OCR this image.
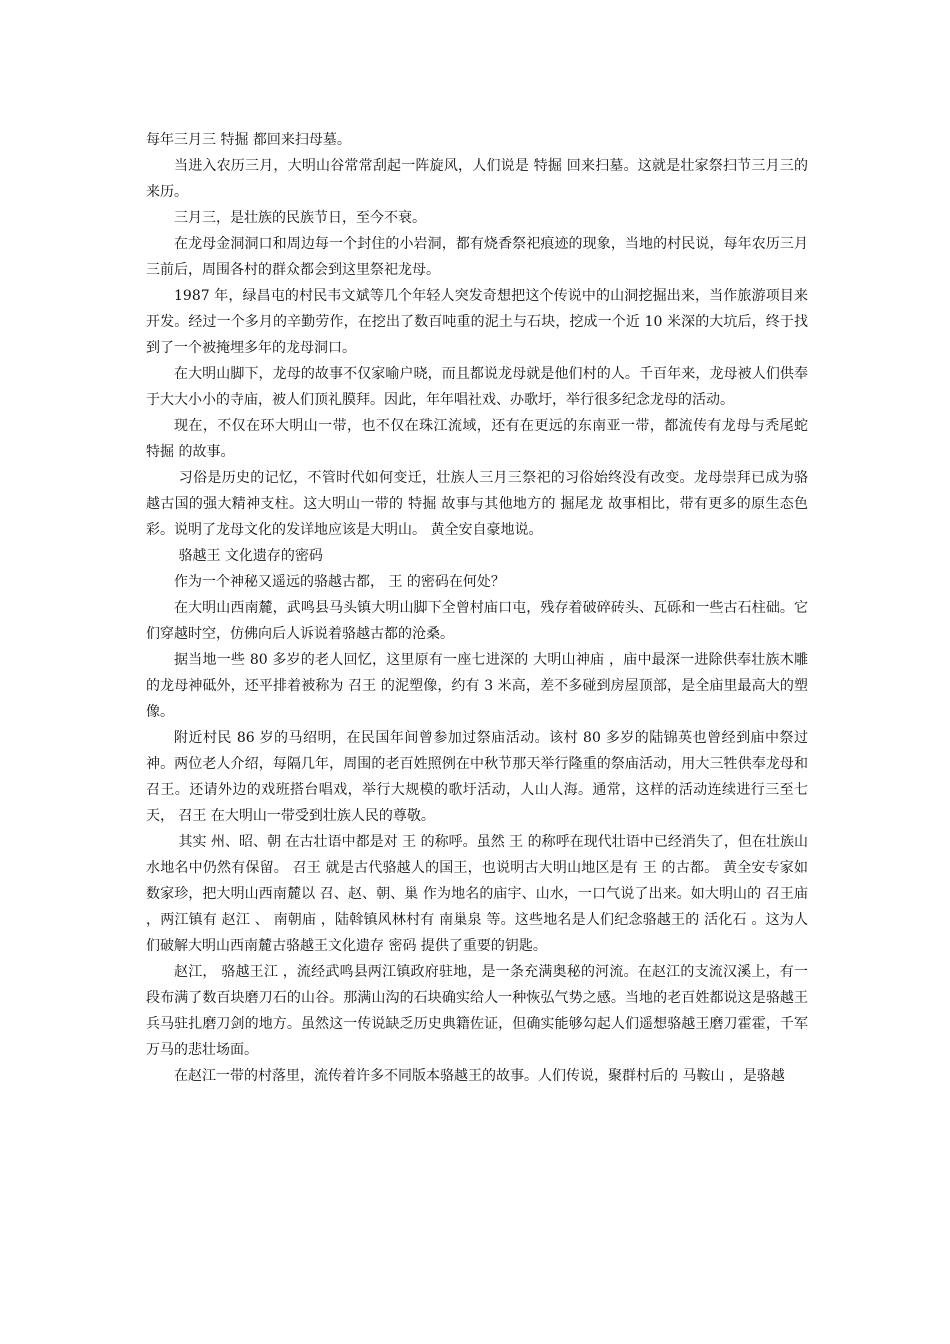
每年三月三 特掘 都回来扫母墓。

当进入农历三月，大明山谷常常刮起一阵旋风，人们说是 特掘 回来扫墓。这就是壮家祭扫节三月三的来历。

三月三，是壮族的民族节日，至今不衰。

在龙母金洞洞口和周边每一个封住的小岩洞，都有烧香祭祀痕迹的现象，当地的村民说，每年农历三月三前后，周围各村的群众都会到这里祭祀龙母。

1987 年，绿昌屯的村民韦文斌等几个年轻人突发奇想把这个传说中的山洞挖掘出来，当作旅游项目来开发。经过一个多月的辛勤劳作，在挖出了数百吨重的泥土与石块，挖成一个近 10 米深的大坑后，终于找到了一个被掩埋多年的龙母洞口。

在大明山脚下，龙母的故事不仅家喻户晓，而且都说龙母就是他们村的人。千百年来，龙母被人们供奉于大大小小的寺庙，被人们顶礼膜拜。因此，年年唱社戏、办歌圩，举行很多纪念龙母的活动。

现在，不仅在环大明山一带，也不仅在珠江流域，还有在更远的东南亚一带，都流传有龙母与秃尾蛇 特掘 的故事。

习俗是历史的记忆，不管时代如何变迁，壮族人三月三祭祀的习俗始终没有改变。龙母崇拜已成为骆越古国的强大精神支柱。这大明山一带的 特掘 故事与其他地方的 掘尾龙 故事相比，带有更多的原生态色彩。说明了龙母文化的发详地应该是大明山。 黄全安自豪地说。

骆越王 文化遗存的密码

作为一个神秘又遥远的骆越古都， 王 的密码在何处？

在大明山西南麓，武鸣县马头镇大明山脚下全曾村庙口屯，残存着破碎砖头、瓦砾和一些古石柱础。它们穿越时空，仿佛向后人诉说着骆越古都的沧桑。

据当地一些 80 多岁的老人回忆，这里原有一座七进深的 大明山神庙 ，庙中最深一进除供奉壮族木雕的龙母神砥外，还平排着被称为 召王 的泥塑像，约有 3 米高，差不多碰到房屋顶部，是全庙里最高大的塑像。

附近村民 86 岁的马绍明，在民国年间曾参加过祭庙活动。该村 80 多岁的陆锦英也曾经到庙中祭过神。两位老人介绍，每隔几年，周围的老百姓照例在中秋节那天举行隆重的祭庙活动，用大三牲供奉龙母和召王。还请外边的戏班搭台唱戏，举行大规模的歌圩活动，人山人海。通常，这样的活动连续进行三至七天， 召王 在大明山一带受到壮族人民的尊敬。

其实 州、昭、朝 在古壮语中都是对 王 的称呼。虽然 王 的称呼在现代壮语中已经消失了，但在壮族山水地名中仍然有保留。 召王 就是古代骆越人的国王，也说明古大明山地区是有 王 的古都。 黄全安专家如数家珍，把大明山西南麓以 召、赵、朝、巢 作为地名的庙宇、山水，一口气说了出来。如大明山的 召王庙 ，两江镇有 赵江 、 南朝庙 ，陆斡镇风林村有 南巢泉 等。这些地名是人们纪念骆越王的 活化石 。这为人们破解大明山西南麓古骆越王文化遗存 密码 提供了重要的钥匙。

赵江， 骆越王江 ，流经武鸣县两江镇政府驻地，是一条充满奥秘的河流。在赵江的支流汉溪上，有一段布满了数百块磨刀石的山谷。那满山沟的石块确实给人一种恢弘气势之感。当地的老百姓都说这是骆越王兵马驻扎磨刀剑的地方。虽然这一传说缺乏历史典籍佐证，但确实能够勾起人们遥想骆越王磨刀霍霍，千军万马的悲壮场面。

在赵江一带的村落里，流传着许多不同版本骆越王的故事。人们传说，聚群村后的 马鞍山 ，是骆越
